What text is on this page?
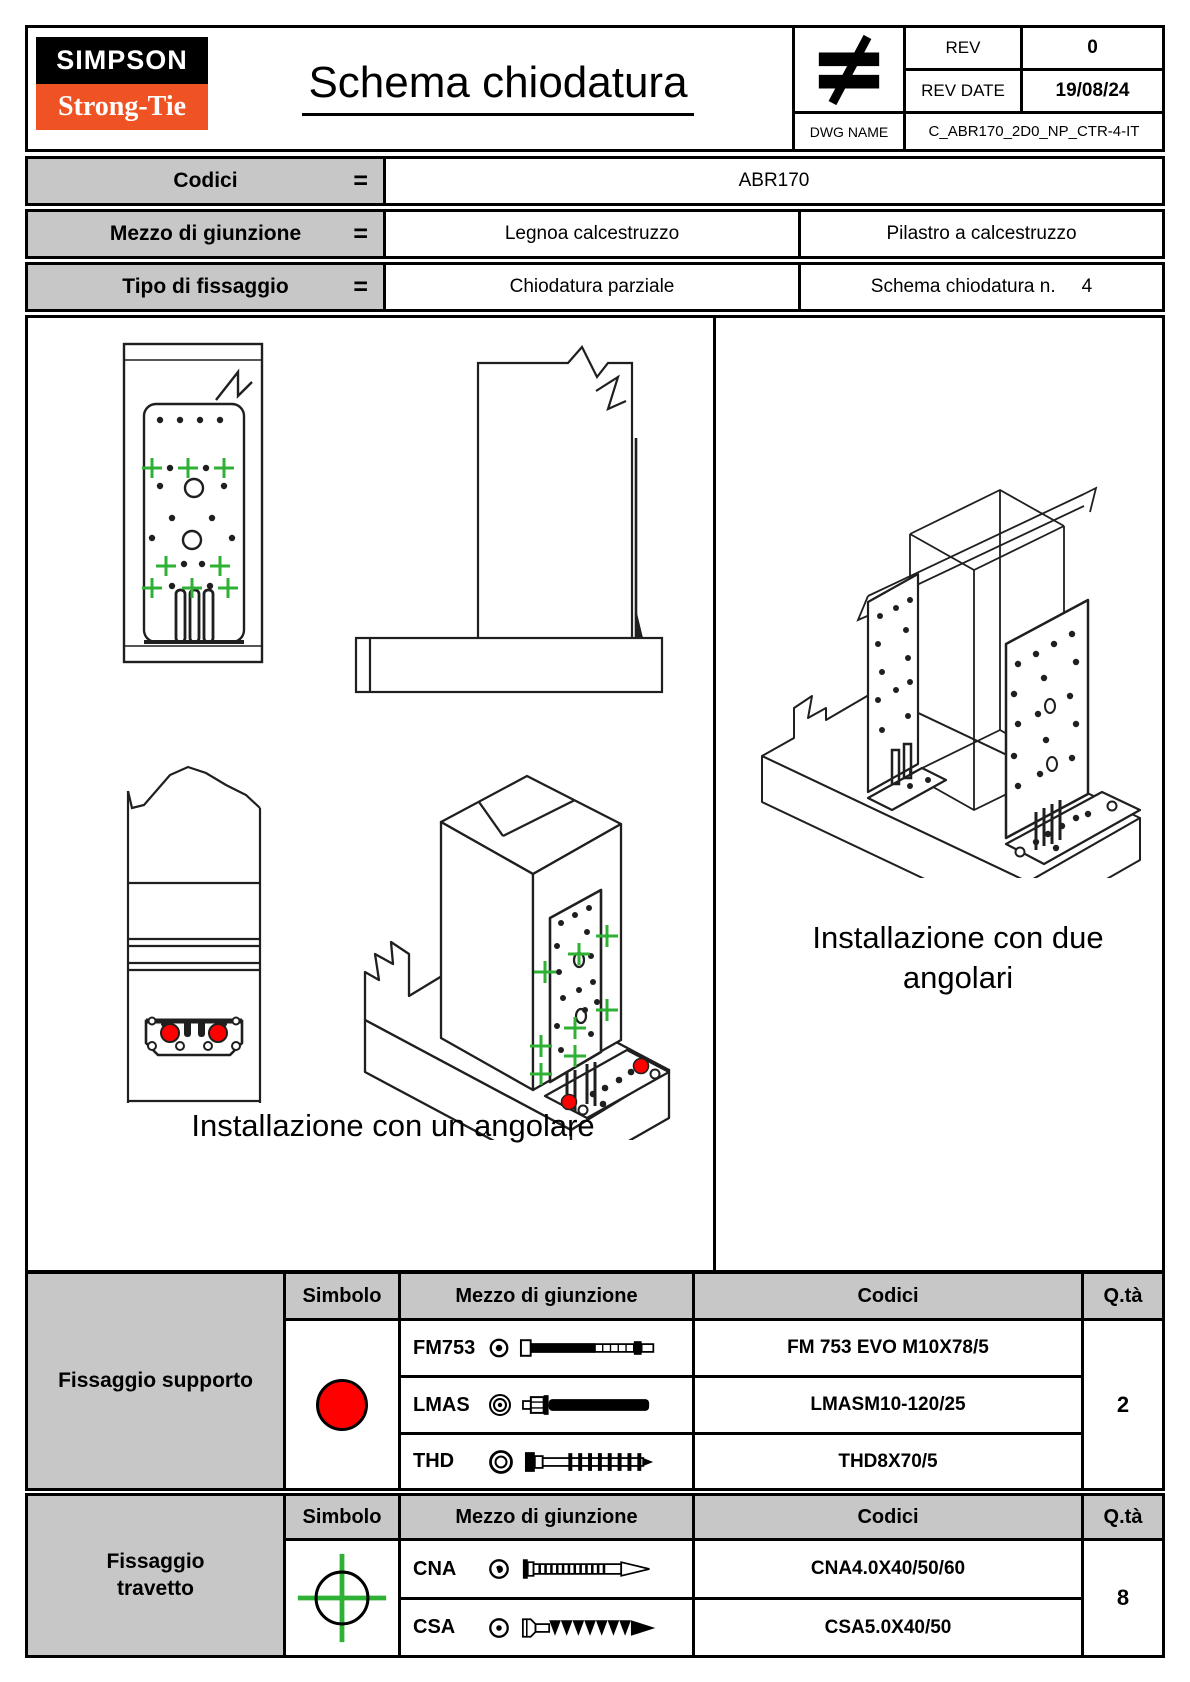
SIMPSON
Strong-Tie	Schema chiodatura
REV	0
REV DATE	19/08/24
DWG NAME	C_ABR170_2D0_NP_CTR-4-IT
Codici	=	ABR170
Mezzo di giunzione =	Legnoa calcestruzzo	Pilastro a calcestruzzo
Tipo di fissaggio	=	Chiodatura parziale	Schema chiodatura n. 4
Installazione con un angolare
Installazione con due angolari
Fissaggio supporto
Simbolo	Mezzo di giunzione	Codici	Q.tà
FM753	FM 753 EVO M10X78/5
LMAS	LMASM10-120/25
THD	THD8X70/5
2
Fissaggio travetto
Simbolo	Mezzo di giunzione	Codici	Q.tà
CNA	CNA4.0X40/50/60
CSA	CSA5.0X40/50
8
